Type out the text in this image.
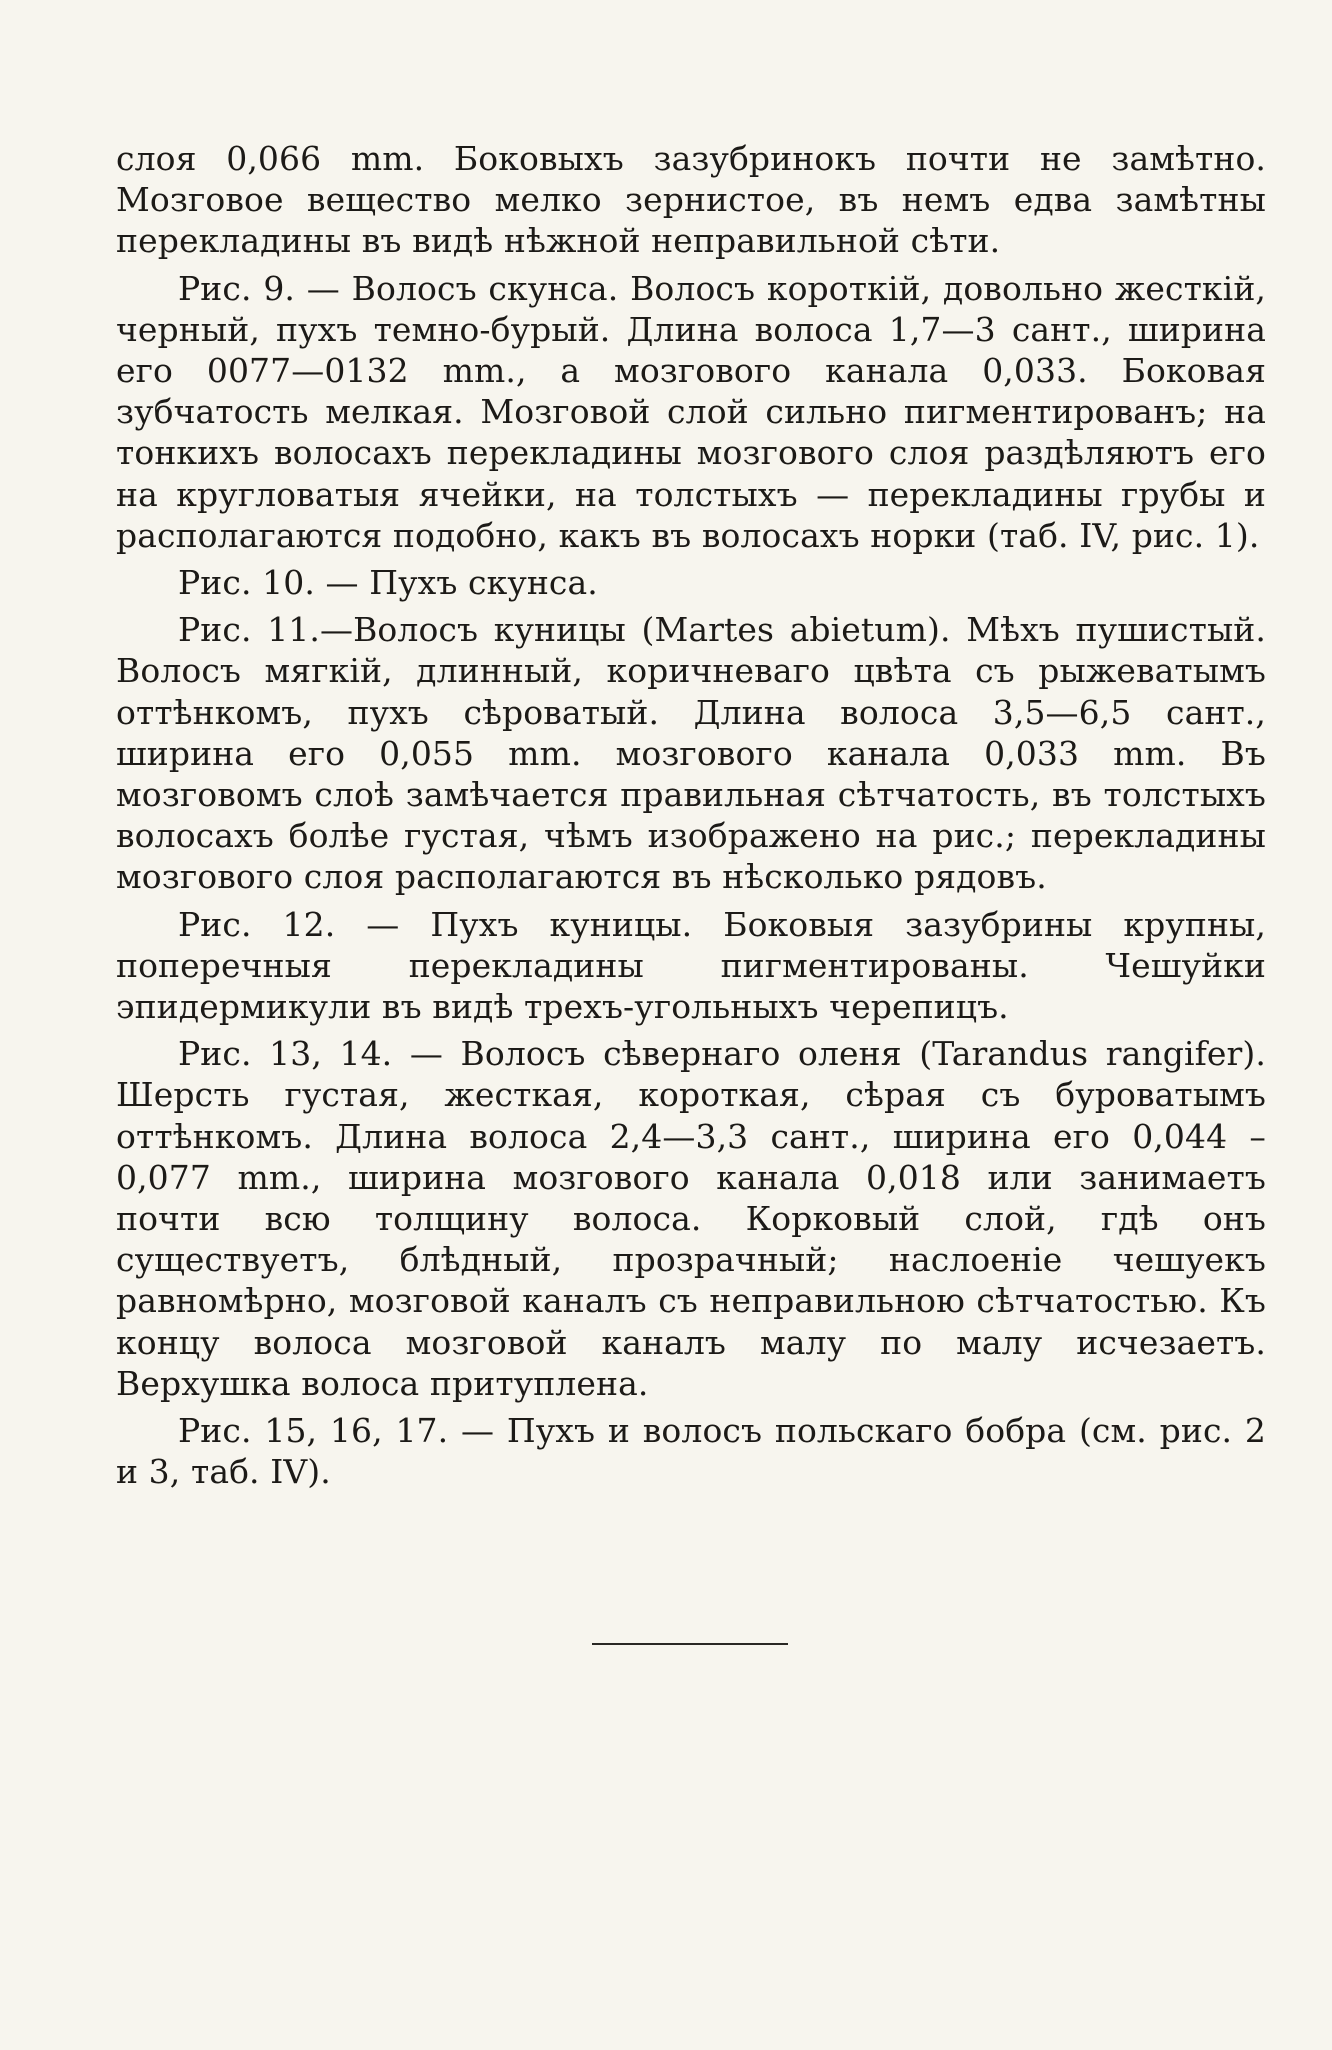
слоя 0,066 mm. Боковыхъ зазубринокъ почти не замѣтно. Мозговое вещество мелко зернистое, въ немъ едва замѣтны перекладины въ видѣ нѣжной неправильной сѣти.

Рис. 9. — Волосъ скунса. Волосъ короткій, довольно жесткій, черный, пухъ темно-бурый. Длина волоса 1,7—3 сант., ширина его 0077—0132 mm., а мозгового канала 0,033. Боковая зубчатость мелкая. Мозговой слой сильно пигментированъ; на тонкихъ волосахъ перекладины мозгового слоя раздѣляютъ его на кругловатыя ячейки, на толстыхъ — перекладины грубы и располагаются подобно, какъ въ волосахъ норки (таб. IV, рис. 1).

Рис. 10. — Пухъ скунса.

Рис. 11.—Волосъ куницы (Martes abietum). Мѣхъ пушистый. Волосъ мягкій, длинный, коричневаго цвѣта съ рыжеватымъ оттѣнкомъ, пухъ сѣроватый. Длина волоса 3,5—6,5 сант., ширина его 0,055 mm. мозгового канала 0,033 mm. Въ мозговомъ слоѣ замѣчается правильная сѣтчатость, въ толстыхъ волосахъ болѣе густая, чѣмъ изображено на рис.; перекладины мозгового слоя располагаются въ нѣсколько рядовъ.

Рис. 12. — Пухъ куницы. Боковыя зазубрины крупны, поперечныя перекладины пигментированы. Чешуйки эпидермикули въ видѣ трехъ-угольныхъ черепицъ.

Рис. 13, 14. — Волосъ сѣвернаго оленя (Tarandus rangifer). Шерсть густая, жесткая, короткая, сѣрая съ буроватымъ оттѣнкомъ. Длина волоса 2,4—3,3 сант., ширина его 0,044 – 0,077 mm., ширина мозгового канала 0,018 или занимаетъ почти всю толщину волоса. Корковый слой, гдѣ онъ существуетъ, блѣдный, прозрачный; наслоеніе чешуекъ равномѣрно, мозговой каналъ съ неправильною сѣтчатостью. Къ концу волоса мозговой каналъ малу по малу исчезаетъ. Верхушка волоса притуплена.

Рис. 15, 16, 17. — Пухъ и волосъ польскаго бобра (см. рис. 2 и 3, таб. IV).
